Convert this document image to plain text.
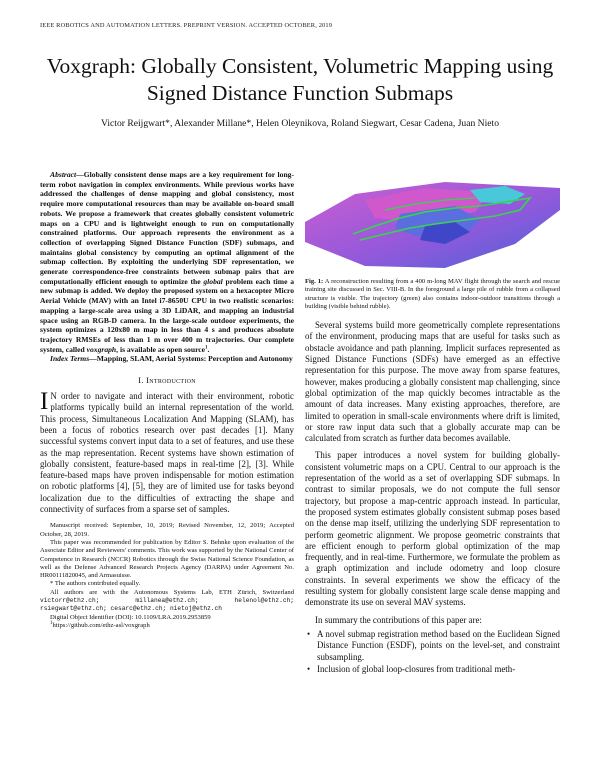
IEEE ROBOTICS AND AUTOMATION LETTERS. PREPRINT VERSION. ACCEPTED OCTOBER, 2019
Voxgraph: Globally Consistent, Volumetric Mapping using Signed Distance Function Submaps
Victor Reijgwart*, Alexander Millane*, Helen Oleynikova, Roland Siegwart, Cesar Cadena, Juan Nieto

Abstract—Globally consistent dense maps are a key requirement for long-term robot navigation in complex environments. While previous works have addressed the challenges of dense mapping and global consistency, most require more computational resources than may be available on-board small robots. We propose a framework that creates globally consistent volumetric maps on a CPU and is lightweight enough to run on computationally constrained platforms. Our approach represents the environment as a collection of overlapping Signed Distance Function (SDF) submaps, and maintains global consistency by computing an optimal alignment of the submap collection. By exploiting the underlying SDF representation, we generate correspondence-free constraints between submap pairs that are computationally efficient enough to optimize the global problem each time a new submap is added. We deploy the proposed system on a hexacopter Micro Aerial Vehicle (MAV) with an Intel i7-8650U CPU in two realistic scenarios: mapping a large-scale area using a 3D LiDAR, and mapping an industrial space using an RGB-D camera. In the large-scale outdoor experiments, the system optimizes a 120x80 m map in less than 4 s and produces absolute trajectory RMSEs of less than 1 m over 400 m trajectories. Our complete system, called voxgraph, is available as open source$^1$.

Index Terms—Mapping, SLAM, Aerial Systems: Perception and Autonomy

I. Introduction

I N order to navigate and interact with their environment, robotic platforms typically build an internal representation of the world. This process, Simultaneous Localization And Mapping (SLAM), has been a focus of robotics research over past decades [1]. Many successful systems convert input data to a set of features, and use these as the map representation. Recent systems have shown estimation of globally consistent, feature-based maps in real-time [2], [3]. While feature-based maps have proven indispensable for motion estimation on robotic platforms [4], [5], they are of limited use for tasks beyond localization due to the difficulties of extracting the shape and connectivity of surfaces from a sparse set of samples.

Manuscript received: September, 10, 2019; Revised November, 12, 2019; Accepted October, 28, 2019.

This paper was recommended for publication by Editor S. Behnke upon evaluation of the Associate Editor and Reviewers' comments. This work was supported by the National Center of Competence in Research (NCCR) Robotics through the Swiss National Science Foundation, as well as the Defense Advanced Research Projects Agency (DARPA) under Agreement No. HR00111820045, and Armasuisse.

* The authors contributed equally.

All authors are with the Autonomous Systems Lab, ETH Zürich, Switzerland victorr@ethz.ch; millanea@ethz.ch; helenol@ethz.ch; rsiegwart@ethz.ch; cesarc@ethz.ch; nietoj@ethz.ch

Digital Object Identifier (DOI): 10.1109/LRA.2019.2953859

$^1$https://github.com/ethz-asl/voxgraph

Fig. 1: A reconstruction resulting from a 400 m-long MAV flight through the search and rescue training site discussed in Sec. VIII-B. In the foreground a large pile of rubble from a collapsed structure is visible. The trajectory (green) also contains indoor-outdoor transitions through a building (visible behind rubble).

Several systems build more geometrically complete representations of the environment, producing maps that are useful for tasks such as obstacle avoidance and path planning. Implicit surfaces represented as Signed Distance Functions (SDFs) have emerged as an effective representation for this purpose. The move away from sparse features, however, makes producing a globally consistent map challenging, since global optimization of the map quickly becomes intractable as the amount of data increases. Many existing approaches, therefore, are limited to operation in small-scale environments where drift is limited, or store raw input data such that a globally accurate map can be calculated from scratch as further data becomes available.

This paper introduces a novel system for building globally-consistent volumetric maps on a CPU. Central to our approach is the representation of the world as a set of overlapping SDF submaps. In contrast to similar proposals, we do not compute the full sensor trajectory, but propose a map-centric approach instead. In particular, the proposed system estimates globally consistent submap poses based on the dense map itself, utilizing the underlying SDF representation to perform geometric alignment. We propose geometric constraints that are efficient enough to perform global optimization of the map frequently, and in real-time. Furthermore, we formulate the problem as a graph optimization and include odometry and loop closure constraints. In several experiments we show the efficacy of the resulting system for globally consistent large scale dense mapping and demonstrate its use on several MAV systems.

In summary the contributions of this paper are:

• A novel submap registration method based on the Euclidean Signed Distance Function (ESDF), points on the level-set, and constraint subsampling.
• Inclusion of global loop-closures from traditional meth-
